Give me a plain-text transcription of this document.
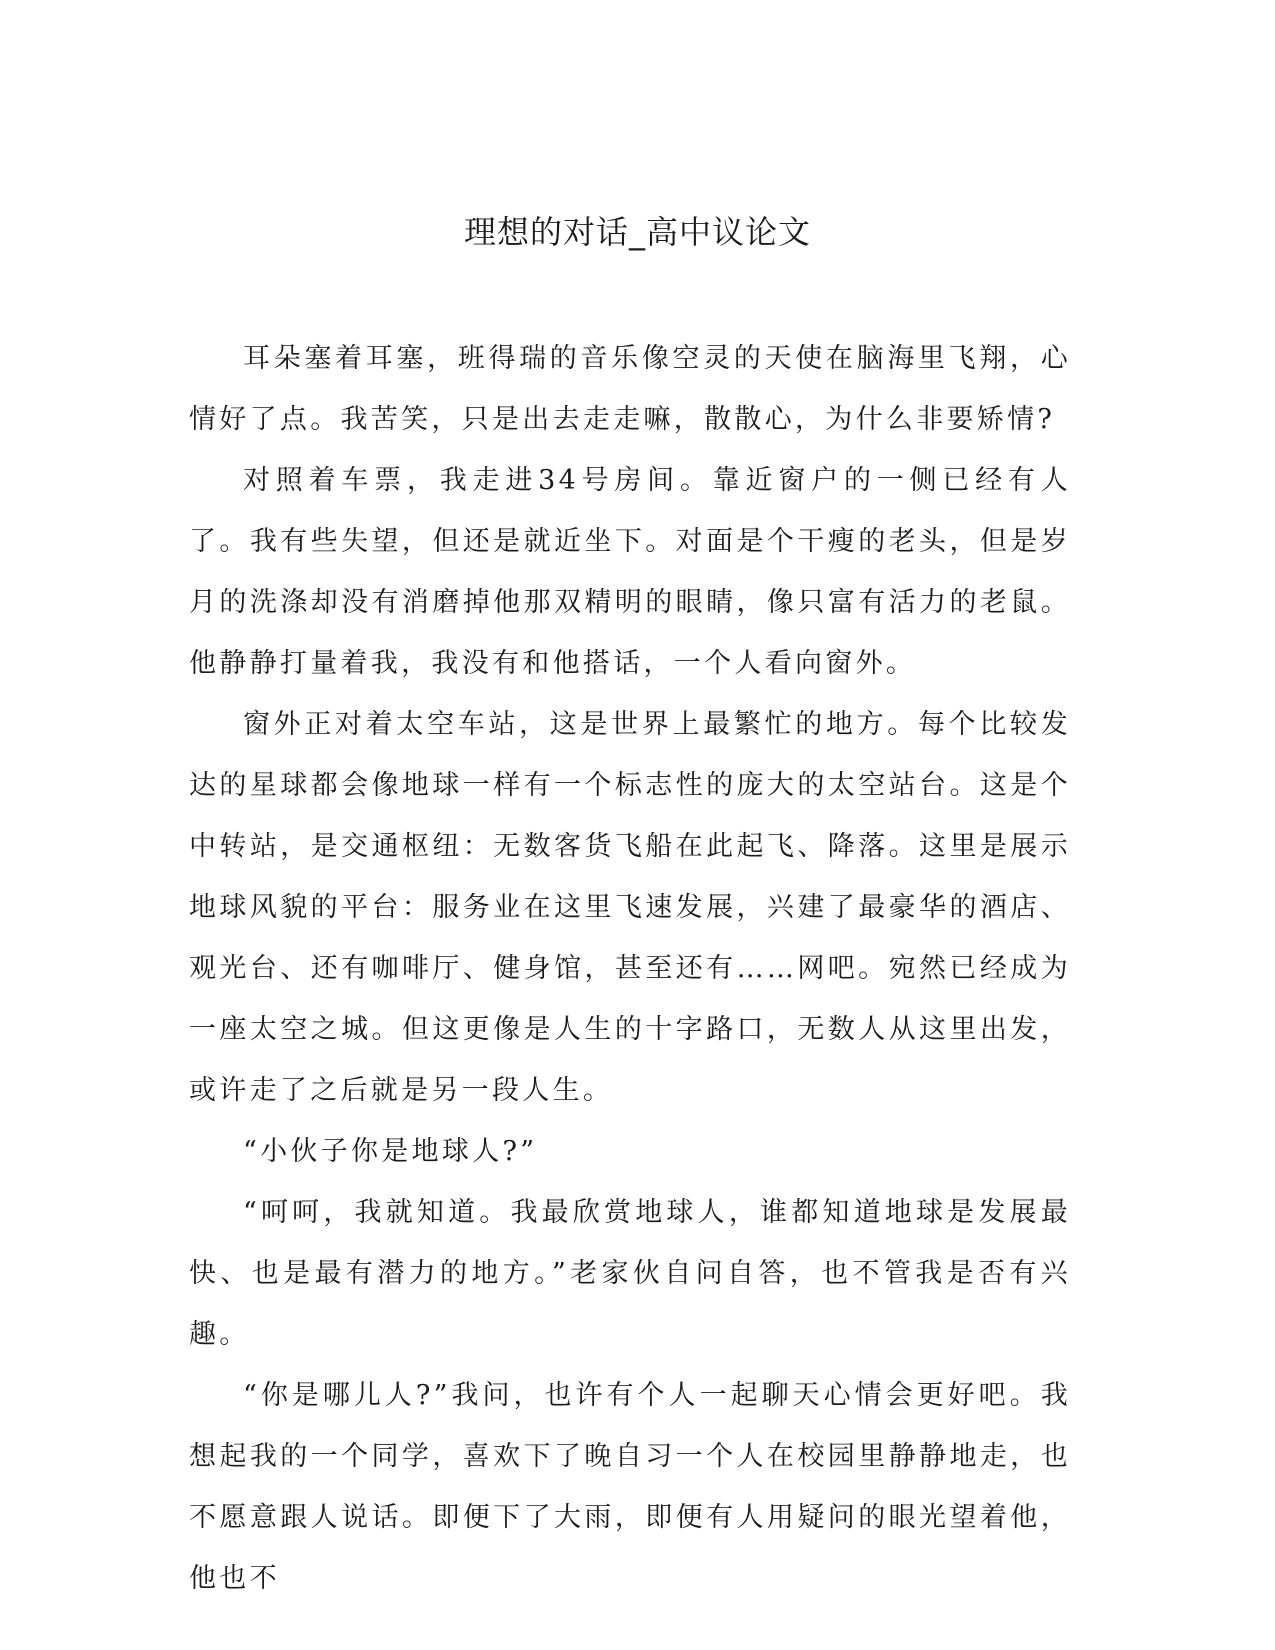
理想的对话_高中议论文

耳朵塞着耳塞，班得瑞的音乐像空灵的天使在脑海里飞翔，心情好了点。我苦笑，只是出去走走嘛，散散心，为什么非要矫情?

对照着车票，我走进34号房间。靠近窗户的一侧已经有人了。我有些失望，但还是就近坐下。对面是个干瘦的老头，但是岁月的洗涤却没有消磨掉他那双精明的眼睛，像只富有活力的老鼠。他静静打量着我，我没有和他搭话，一个人看向窗外。

窗外正对着太空车站，这是世界上最繁忙的地方。每个比较发达的星球都会像地球一样有一个标志性的庞大的太空站台。这是个中转站，是交通枢纽：无数客货飞船在此起飞、降落。这里是展示地球风貌的平台：服务业在这里飞速发展，兴建了最豪华的酒店、观光台、还有咖啡厅、健身馆，甚至还有……网吧。宛然已经成为一座太空之城。但这更像是人生的十字路口，无数人从这里出发，或许走了之后就是另一段人生。

“小伙子你是地球人?”

“呵呵，我就知道。我最欣赏地球人，谁都知道地球是发展最快、也是最有潜力的地方。”老家伙自问自答，也不管我是否有兴趣。

“你是哪儿人?”我问，也许有个人一起聊天心情会更好吧。我想起我的一个同学，喜欢下了晚自习一个人在校园里静静地走，也不愿意跟人说话。即便下了大雨，即便有人用疑问的眼光望着他，他也不
